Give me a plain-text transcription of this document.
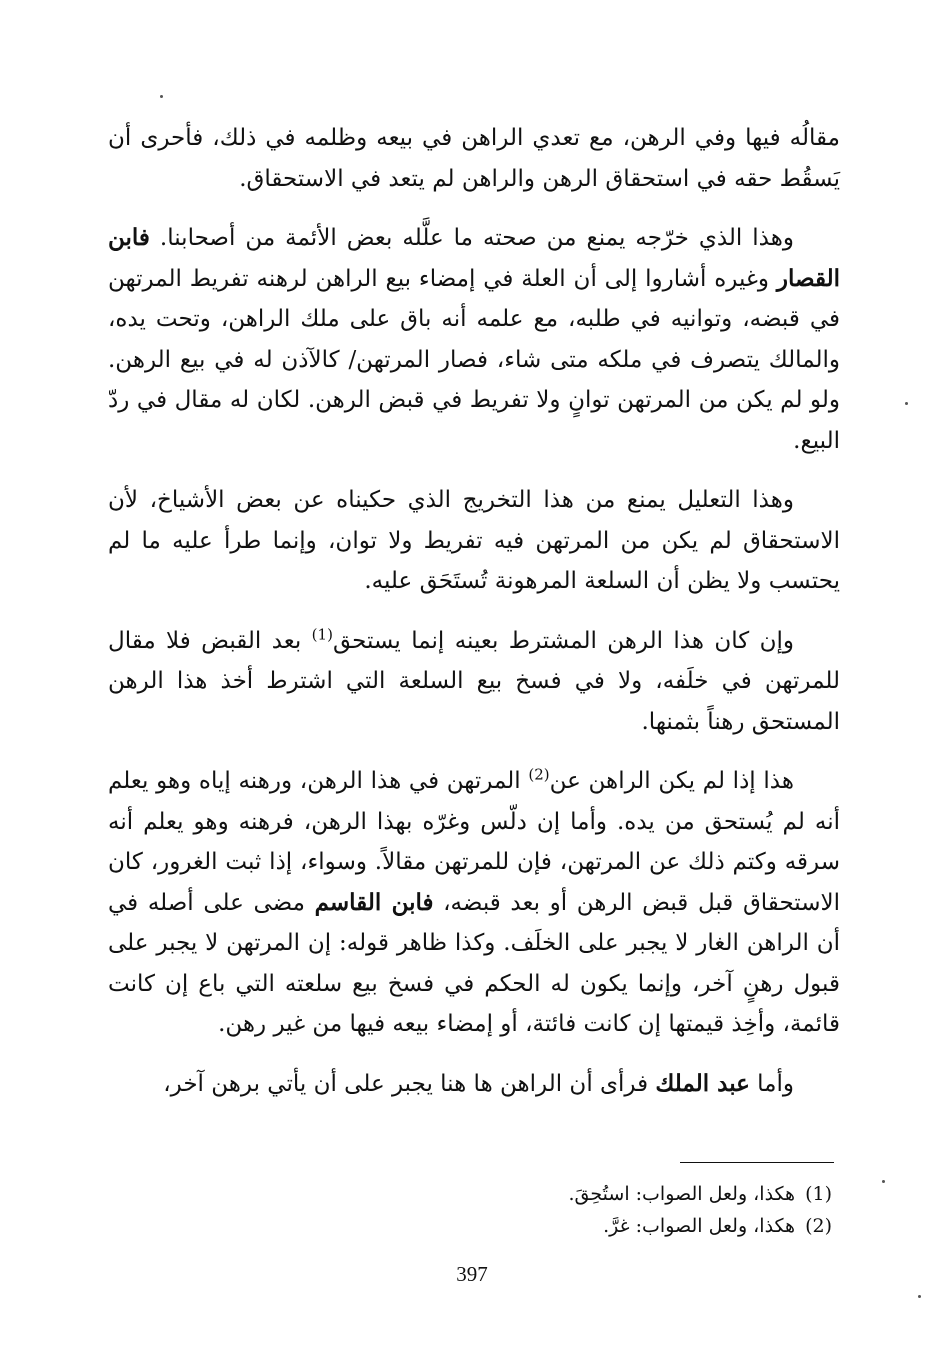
مقالُه فيها وفي الرهن، مع تعدي الراهن في بيعه وظلمه في ذلك، فأحرى أن يَسقُط حقه في استحقاق الرهن والراهن لم يتعد في الاستحقاق.

وهذا الذي خرّجه يمنع من صحته ما علَّله بعض الأئمة من أصحابنا. فابن القصار وغيره أشاروا إلى أن العلة في إمضاء بيع الراهن لرهنه تفريط المرتهن في قبضه، وتوانيه في طلبه، مع علمه أنه باق على ملك الراهن، وتحت يده، والمالك يتصرف في ملكه متى شاء، فصار المرتهن/ كالآذن له في بيع الرهن. ولو لم يكن من المرتهن توانٍ ولا تفريط في قبض الرهن. لكان له مقال في ردّ البيع.

وهذا التعليل يمنع من هذا التخريج الذي حكيناه عن بعض الأشياخ، لأن الاستحقاق لم يكن من المرتهن فيه تفريط ولا توان، وإنما طرأ عليه ما لم يحتسب ولا يظن أن السلعة المرهونة تُستَحَق عليه.

وإن كان هذا الرهن المشترط بعينه إنما يستحق$^{(1)}$ بعد القبض فلا مقال للمرتهن في خلَفه، ولا في فسخ بيع السلعة التي اشترط أخذ هذا الرهن المستحق رهناً بثمنها.

هذا إذا لم يكن الراهن عن$^{(2)}$ المرتهن في هذا الرهن، ورهنه إياه وهو يعلم أنه لم يُستحق من يده. وأما إن دلّس وغرّه بهذا الرهن، فرهنه وهو يعلم أنه سرقه وكتم ذلك عن المرتهن، فإن للمرتهن مقالاً. وسواء، إذا ثبت الغرور، كان الاستحقاق قبل قبض الرهن أو بعد قبضه، فابن القاسم مضى على أصله في أن الراهن الغار لا يجبر على الخلَف. وكذا ظاهر قوله: إن المرتهن لا يجبر على قبول رهنٍ آخر، وإنما يكون له الحكم في فسخ بيع سلعته التي باع إن كانت قائمة، وأخِذ قيمتها إن كانت فائتة، أو إمضاء بيعه فيها من غير رهن.

وأما عبد الملك فرأى أن الراهن ها هنا يجبر على أن يأتي برهن آخر،

(1)هكذا، ولعل الصواب: استُحِقَ.

(2)هكذا، ولعل الصواب: غرَّ.

397
